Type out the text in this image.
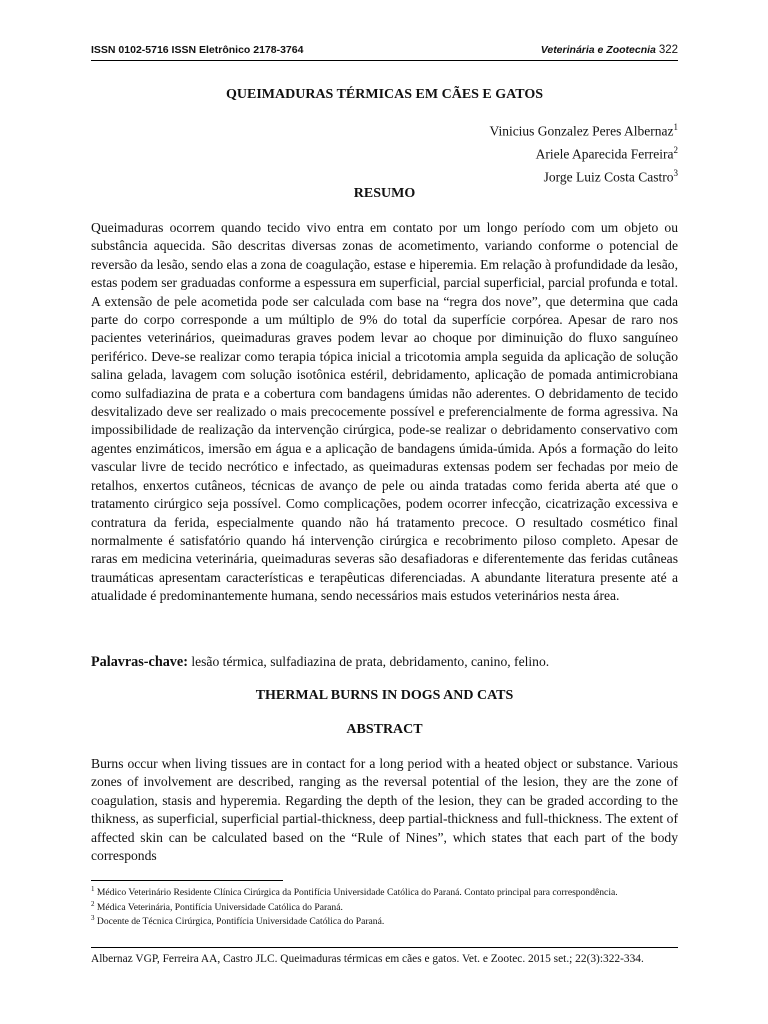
ISSN 0102-5716 ISSN Eletrônico 2178-3764	Veterinária e Zootecnia 322
QUEIMADURAS TÉRMICAS EM CÃES E GATOS
Vinicius Gonzalez Peres Albernaz$^1$
Ariele Aparecida Ferreira$^2$
Jorge Luiz Costa Castro$^3$
RESUMO
Queimaduras ocorrem quando tecido vivo entra em contato por um longo período com um objeto ou substância aquecida. São descritas diversas zonas de acometimento, variando conforme o potencial de reversão da lesão, sendo elas a zona de coagulação, estase e hiperemia. Em relação à profundidade da lesão, estas podem ser graduadas conforme a espessura em superficial, parcial superficial, parcial profunda e total. A extensão de pele acometida pode ser calculada com base na “regra dos nove”, que determina que cada parte do corpo corresponde a um múltiplo de 9% do total da superfície corpórea. Apesar de raro nos pacientes veterinários, queimaduras graves podem levar ao choque por diminuição do fluxo sanguíneo periférico. Deve-se realizar como terapia tópica inicial a tricotomia ampla seguida da aplicação de solução salina gelada, lavagem com solução isotônica estéril, debridamento, aplicação de pomada antimicrobiana como sulfadiazina de prata e a cobertura com bandagens úmidas não aderentes. O debridamento de tecido desvitalizado deve ser realizado o mais precocemente possível e preferencialmente de forma agressiva. Na impossibilidade de realização da intervenção cirúrgica, pode-se realizar o debridamento conservativo com agentes enzimáticos, imersão em água e a aplicação de bandagens úmida-úmida. Após a formação do leito vascular livre de tecido necrótico e infectado, as queimaduras extensas podem ser fechadas por meio de retalhos, enxertos cutâneos, técnicas de avanço de pele ou ainda tratadas como ferida aberta até que o tratamento cirúrgico seja possível. Como complicações, podem ocorrer infecção, cicatrização excessiva e contratura da ferida, especialmente quando não há tratamento precoce. O resultado cosmético final normalmente é satisfatório quando há intervenção cirúrgica e recobrimento piloso completo. Apesar de raras em medicina veterinária, queimaduras severas são desafiadoras e diferentemente das feridas cutâneas traumáticas apresentam características e terapêuticas diferenciadas. A abundante literatura presente até a atualidade é predominantemente humana, sendo necessários mais estudos veterinários nesta área.
Palavras-chave: lesão térmica, sulfadiazina de prata, debridamento, canino, felino.
THERMAL BURNS IN DOGS AND CATS
ABSTRACT
Burns occur when living tissues are in contact for a long period with a heated object or substance. Various zones of involvement are described, ranging as the reversal potential of the lesion, they are the zone of coagulation, stasis and hyperemia. Regarding the depth of the lesion, they can be graded according to the thikness, as superficial, superficial partial-thickness, deep partial-thickness and full-thickness. The extent of affected skin can be calculated based on the “Rule of Nines”, which states that each part of the body corresponds

$^1$ Médico Veterinário Residente Clínica Cirúrgica da Pontifícia Universidade Católica do Paraná. Contato principal para correspondência.

$^2$ Médica Veterinária, Pontifícia Universidade Católica do Paraná.

$^3$ Docente de Técnica Cirúrgica, Pontifícia Universidade Católica do Paraná.

Albernaz VGP, Ferreira AA, Castro JLC. Queimaduras térmicas em cães e gatos. Vet. e Zootec. 2015 set.; 22(3):322-334.
